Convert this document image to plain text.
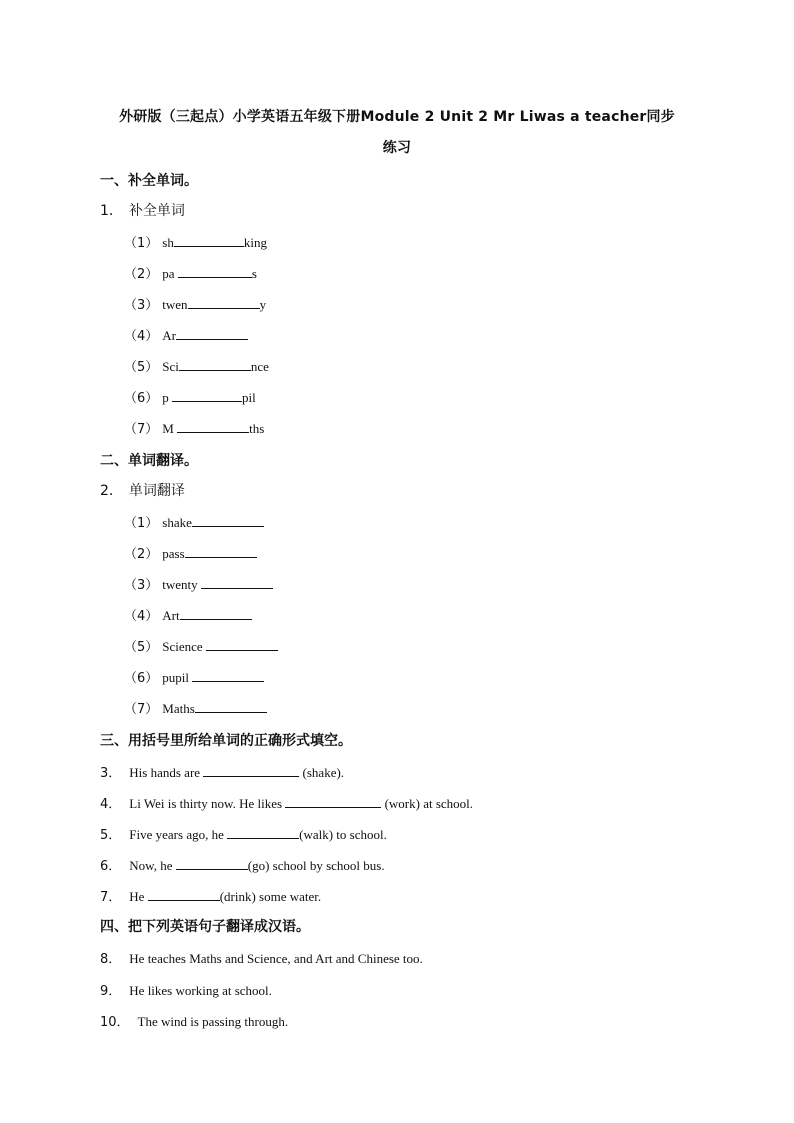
外研版（三起点）小学英语五年级下册Module 2 Unit 2 Mr Liwas a teacher同步
练习
一、补全单词。
1． 补全单词
（1） sh	king
（2） pa	s
（3） twen	y
（4） Ar
（5） Sci	nce
（6） p	pil
（7） M	ths
二、单词翻译。
2． 单词翻译
（1） shake
（2） pass
（3） twenty
（4） Art
（5） Science
（6） pupil
（7） Maths
三、用括号里所给单词的正确形式填空。
3． His hands are	(shake).
4． Li Wei is thirty now. He likes	(work) at school.
5． Five years ago, he	(walk) to school.
6． Now, he	(go) school by school bus.
7． He	(drink) some water.
四、把下列英语句子翻译成汉语。
8． He teaches Maths and Science, and Art and Chinese too.
9． He likes working at school.
10． The wind is passing through.
